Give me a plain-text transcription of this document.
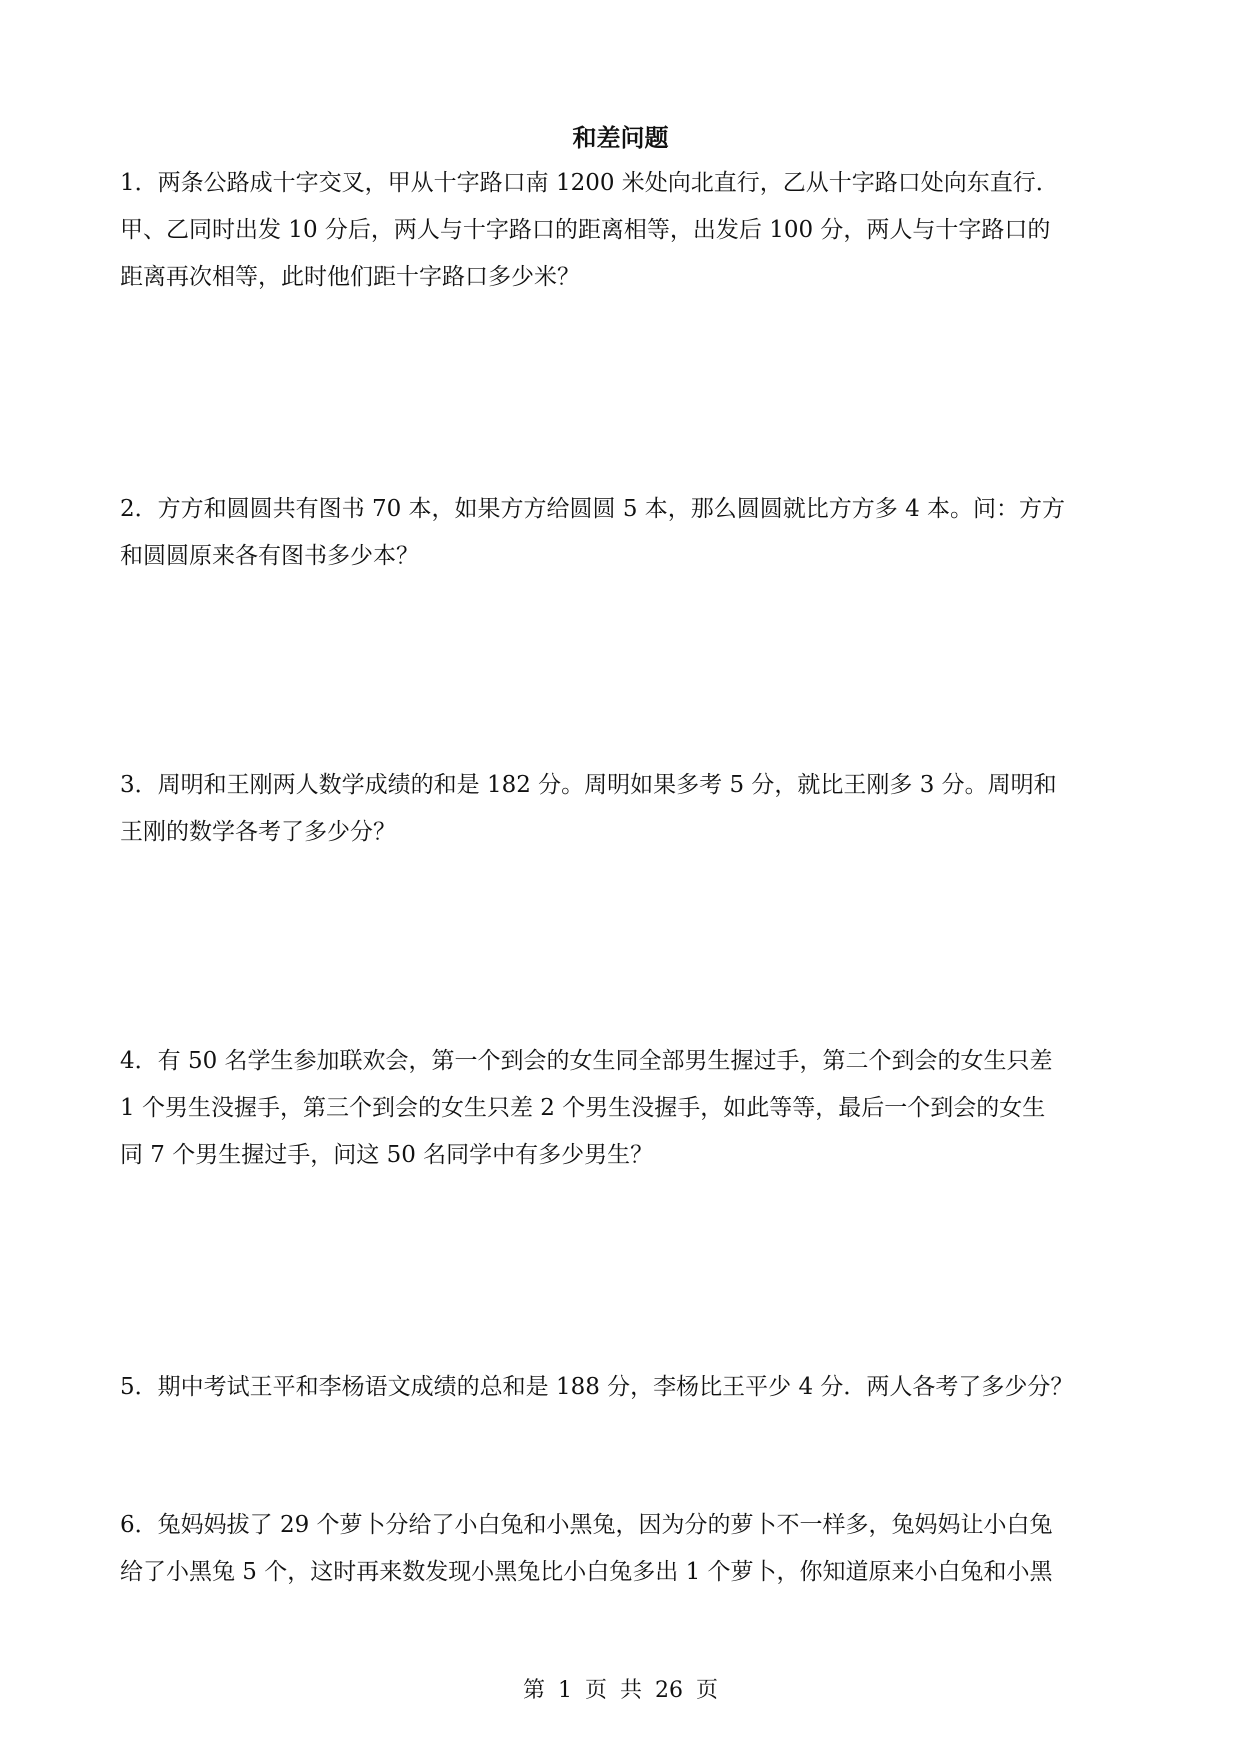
和差问题
1．两条公路成十字交叉，甲从十字路口南 1200 米处向北直行，乙从十字路口处向东直行．
甲、乙同时出发 10 分后，两人与十字路口的距离相等，出发后 100 分，两人与十字路口的
距离再次相等，此时他们距十字路口多少米？
2．方方和圆圆共有图书 70 本，如果方方给圆圆 5 本，那么圆圆就比方方多 4 本。问：方方
和圆圆原来各有图书多少本？
3．周明和王刚两人数学成绩的和是 182 分。周明如果多考 5 分，就比王刚多 3 分。周明和
王刚的数学各考了多少分？
4．有 50 名学生参加联欢会，第一个到会的女生同全部男生握过手，第二个到会的女生只差
1 个男生没握手，第三个到会的女生只差 2 个男生没握手，如此等等，最后一个到会的女生
同 7 个男生握过手，问这 50 名同学中有多少男生？
5．期中考试王平和李杨语文成绩的总和是 188 分，李杨比王平少 4 分．两人各考了多少分？
6．兔妈妈拔了 29 个萝卜分给了小白兔和小黑兔，因为分的萝卜不一样多，兔妈妈让小白兔
给了小黑兔 5 个，这时再来数发现小黑兔比小白兔多出 1 个萝卜，你知道原来小白兔和小黑
第 1 页 共 26 页
